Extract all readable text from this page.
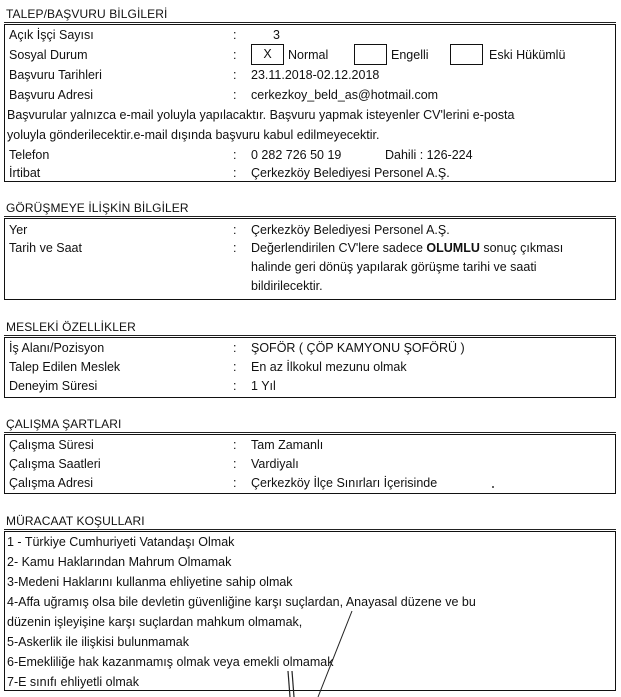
TALEP/BAŞVURU BİLGİLERİ
Açık İşçi Sayısı	:	3
Sosyal Durum	:	X	Normal	Engelli	Eski Hükümlü
Başvuru Tarihleri	: 23.11.2018-02.12.2018
Başvuru Adresi	: cerkezkoy_beld_as@hotmail.com
Başvurular yalnızca e-mail yoluyla yapılacaktır. Başvuru yapmak isteyenler CV'lerini e-posta
yoluyla gönderilecektir.e-mail dışında başvuru kabul edilmeyecektir.
Telefon	: 0 282 726 50 19	Dahili : 126-224
İrtibat	: Çerkezköy Belediyesi Personel A.Ş.
GÖRÜŞMEYE İLİŞKİN BİLGİLER
Yer	: Çerkezköy Belediyesi Personel A.Ş.
Tarih ve Saat	: Değerlendirilen CV'lere sadece OLUMLU sonuç çıkması
halinde geri dönüş yapılarak görüşme tarihi ve saati
bildirilecektir.
MESLEKİ ÖZELLİKLER
İş Alanı/Pozisyon	: ŞOFÖR ( ÇÖP KAMYONU ŞOFÖRÜ )
Talep Edilen Meslek	: En az İlkokul mezunu olmak
Deneyim Süresi	: 1 Yıl
ÇALIŞMA ŞARTLARI
Çalışma Süresi	: Tam Zamanlı
Çalışma Saatleri	: Vardiyalı
Çalışma Adresi	: Çerkezköy İlçe Sınırları İçerisinde
MÜRACAAT KOŞULLARI
1 - Türkiye Cumhuriyeti Vatandaşı Olmak
2- Kamu Haklarından Mahrum Olmamak
3-Medeni Haklarını kullanma ehliyetine sahip olmak
4-Affa uğramış olsa bile devletin güvenliğine karşı suçlardan, Anayasal düzene ve bu
düzenin işleyişine karşı suçlardan mahkum olmamak,
5-Askerlik ile ilişkisi bulunmamak
6-Emekliliğe hak kazanmamış olmak veya emekli olmamak
7-E sınıfı ehliyetli olmak
